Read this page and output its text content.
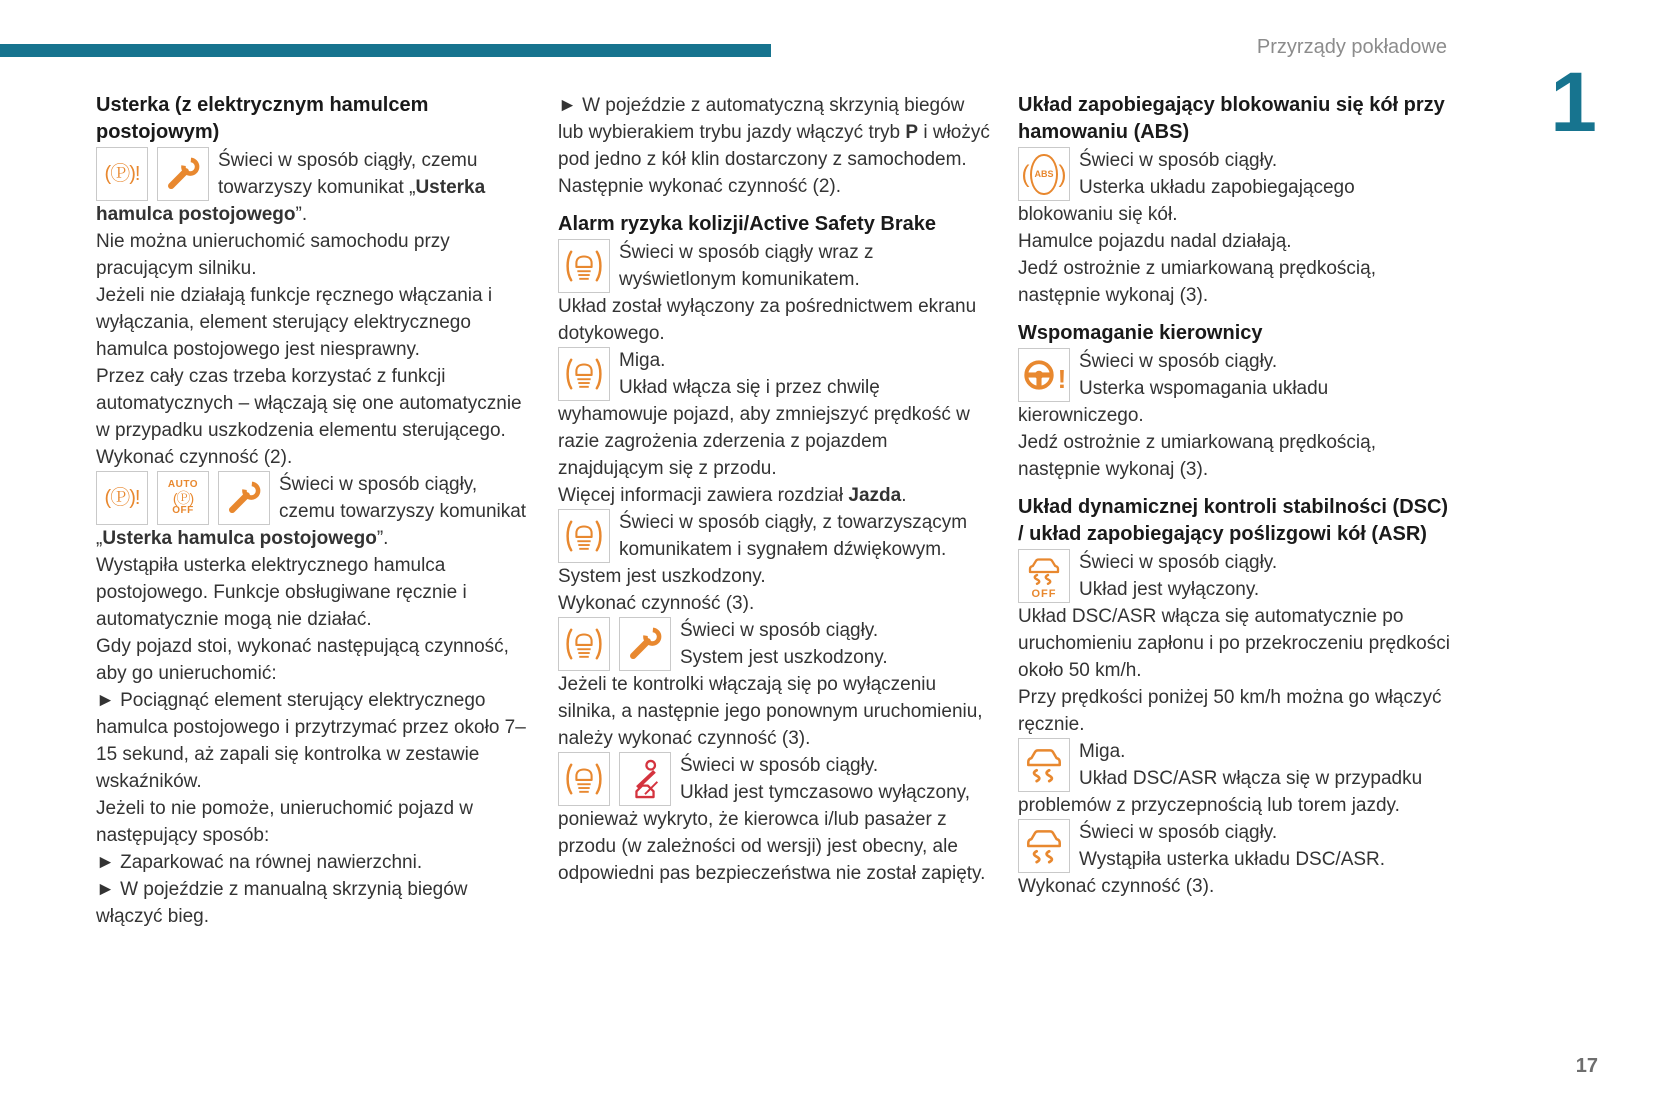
Przyrządy pokładowe
1
17
Usterka (z elektrycznym hamulcem postojowym)
(Ⓟ)!
Świeci w sposób ciągły, czemu towarzyszy komunikat „Usterka hamulca postojowego”.

Nie można unieruchomić samochodu przy pracującym silniku.

Jeżeli nie działają funkcje ręcznego włączania i wyłączania, element sterujący elektrycznego hamulca postojowego jest niesprawny.

Przez cały czas trzeba korzystać z funkcji automatycznych – włączają się one automatycznie w przypadku uszkodzenia elementu sterującego.

Wykonać czynność (2).

(Ⓟ)!
AUTO
(Ⓟ)
OFF
Świeci w sposób ciągły, czemu towarzyszy komunikat „Usterka hamulca postojowego”.

Wystąpiła usterka elektrycznego hamulca postojowego. Funkcje obsługiwane ręcznie i automatycznie mogą nie działać.

Gdy pojazd stoi, wykonać następującą czynność, aby go unieruchomić:

► Pociągnąć element sterujący elektrycznego hamulca postojowego i przytrzymać przez około 7–15 sekund, aż zapali się kontrolka w zestawie wskaźników.

Jeżeli to nie pomoże, unieruchomić pojazd w następujący sposób:

► Zaparkować na równej nawierzchni.

► W pojeździe z manualną skrzynią biegów włączyć bieg.

► W pojeździe z automatyczną skrzynią biegów lub wybierakiem trybu jazdy włączyć tryb P i włożyć pod jedno z kół klin dostarczony z samochodem.

Następnie wykonać czynność (2).

Alarm ryzyka kolizji/Active Safety Brake
Świeci w sposób ciągły wraz z wyświetlonym komunikatem.

Układ został wyłączony za pośrednictwem ekranu dotykowego.

Miga.
Układ włącza się i przez chwilę wyhamowuje pojazd, aby zmniejszyć prędkość w razie zagrożenia zderzenia z pojazdem znajdującym się z przodu.

Więcej informacji zawiera rozdział Jazda.

Świeci w sposób ciągły, z towarzyszącym komunikatem i sygnałem dźwiękowym.

System jest uszkodzony.

Wykonać czynność (3).

Świeci w sposób ciągły.
System jest uszkodzony.

Jeżeli te kontrolki włączają się po wyłączeniu silnika, a następnie jego ponownym uruchomieniu, należy wykonać czynność (3).

Świeci w sposób ciągły.
Układ jest tymczasowo wyłączony, ponieważ wykryto, że kierowca i/lub pasażer z przodu (w zależności od wersji) jest obecny, ale odpowiedni pas bezpieczeństwa nie został zapięty.
Układ zapobiegający blokowaniu się kół przy hamowaniu (ABS)
( ABS ) Świeci w sposób ciągły.
Usterka układu zapobiegającego blokowaniu się kół.

Hamulce pojazdu nadal działają.

Jedź ostrożnie z umiarkowaną prędkością, następnie wykonaj (3).

Wspomaganie kierownicy
!
Świeci w sposób ciągły.
Usterka wspomagania układu kierowniczego.

Jedź ostrożnie z umiarkowaną prędkością, następnie wykonaj (3).

Układ dynamicznej kontroli stabilności (DSC) / układ zapobiegający poślizgowi kół (ASR)
OFF
Świeci w sposób ciągły.
Układ jest wyłączony.

Układ DSC/ASR włącza się automatycznie po uruchomieniu zapłonu i po przekroczeniu prędkości około 50 km/h.

Przy prędkości poniżej 50 km/h można go włączyć ręcznie.

Miga.
Układ DSC/ASR włącza się w przypadku problemów z przyczepnością lub torem jazdy.
Świeci w sposób ciągły.
Wystąpiła usterka układu DSC/ASR.

Wykonać czynność (3).
